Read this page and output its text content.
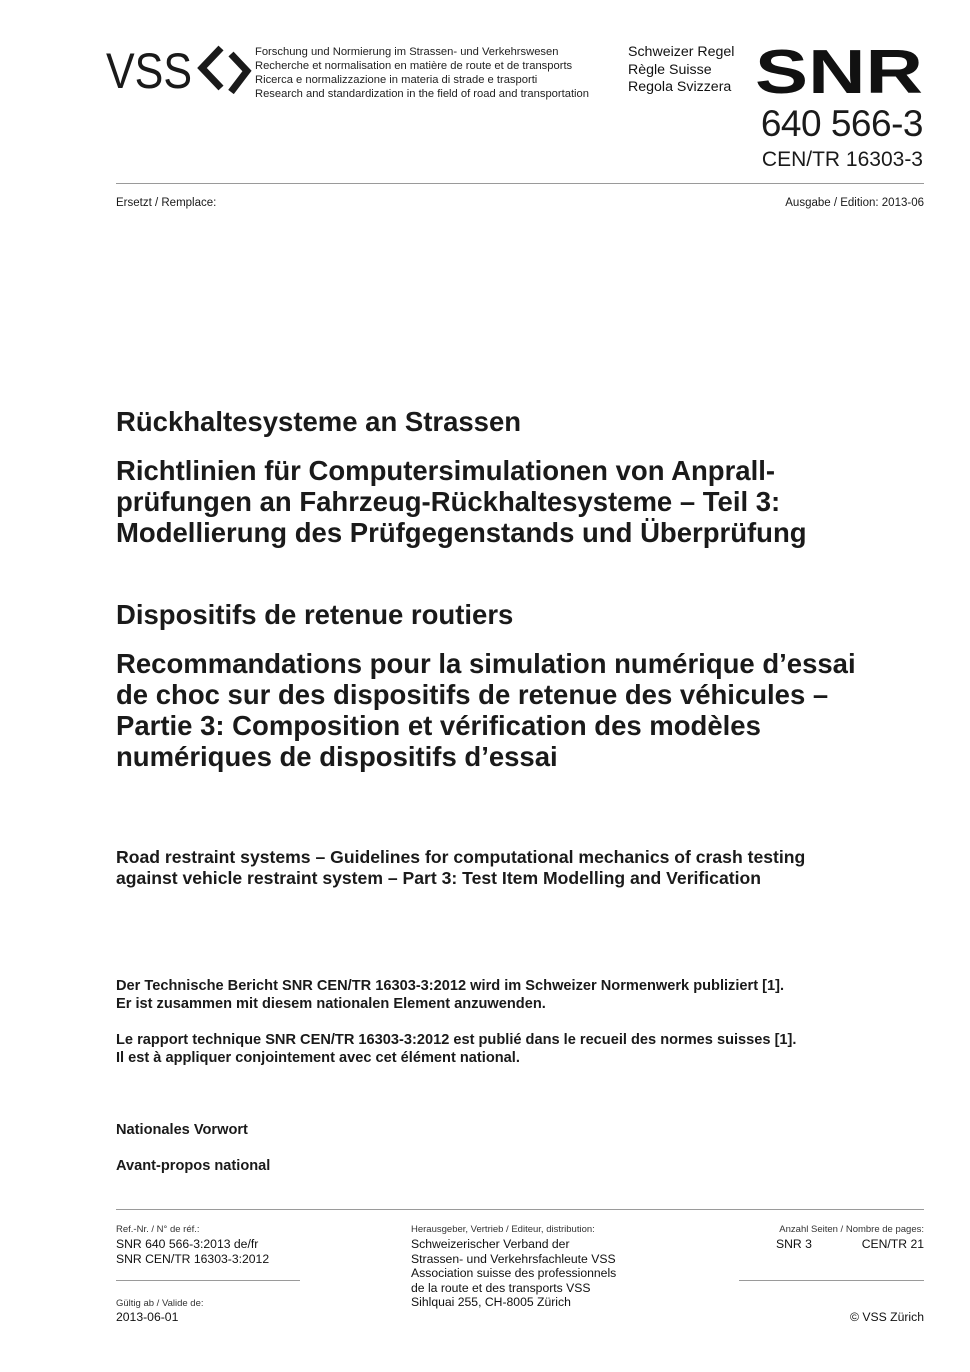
VSS	Forschung und Normierung im Strassen- und Verkehrswesen
Recherche et normalisation en matière de route et de transports
Ricerca e normalizzazione in materia di strade e trasporti
Research and standardization in the field of road and transportation
Schweizer Regel
Règle Suisse
Regola Svizzera SNR
640 566-3
CEN/TR 16303-3
Ersetzt / Remplace:	Ausgabe / Edition: 2013-06
Rückhaltesysteme an Strassen
Richtlinien für Computersimulationen von Anprall-
prüfungen an Fahrzeug-Rückhaltesysteme – Teil 3:
Modellierung des Prüfgegenstands und Überprüfung
Dispositifs de retenue routiers
Recommandations pour la simulation numérique d’essai
de choc sur des dispositifs de retenue des véhicules –
Partie 3: Composition et vérification des modèles
numériques de dispositifs d’essai
Road restraint systems – Guidelines for computational mechanics of crash testing
against vehicle restraint system – Part 3: Test Item Modelling and Verification
Der Technische Bericht SNR CEN/TR 16303-3:2012 wird im Schweizer Normenwerk publiziert [1].
Er ist zusammen mit diesem nationalen Element anzuwenden.
Le rapport technique SNR CEN/TR 16303-3:2012 est publié dans le recueil des normes suisses [1].
Il est à appliquer conjointement avec cet élément national.
Nationales Vorwort
Avant-propos national
Ref.-Nr. / N° de réf.:
SNR 640 566-3:2013 de/fr
SNR CEN/TR 16303-3:2012
Gültig ab / Valide de:
2013-06-01
Herausgeber, Vertrieb / Editeur, distribution:
Schweizerischer Verband der
Strassen- und Verkehrsfachleute VSS
Association suisse des professionnels
de la route et des transports VSS
Sihlquai 255, CH-8005 Zürich
Anzahl Seiten / Nombre de pages:
SNR 3	CEN/TR 21
© VSS Zürich
